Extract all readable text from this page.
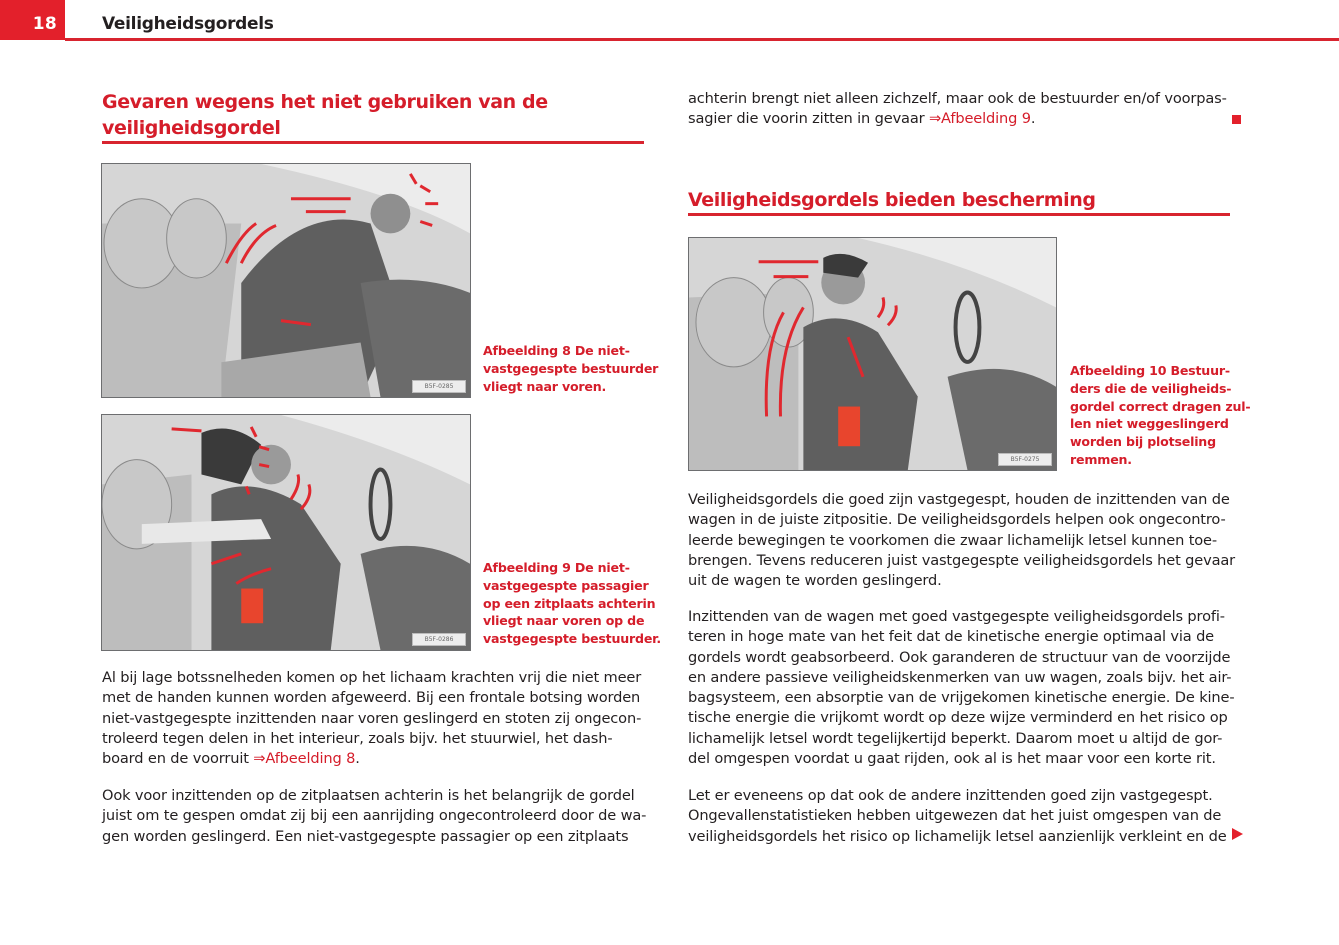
18	Veiligheidsgordels
Gevaren wegens het niet gebruiken van de
veiligheidsgordel
B5F-0285
Afbeelding 8 De niet-
vastgegespte bestuurder
vliegt naar voren.
B5F-0286
Afbeelding 9 De niet-
vastgegespte passagier
op een zitplaats achterin
vliegt naar voren op de
vastgegespte bestuurder.
Al bij lage botssnelheden komen op het lichaam krachten vrij die niet meer
met de handen kunnen worden afgeweerd. Bij een frontale botsing worden
niet-vastgegespte inzittenden naar voren geslingerd en stoten zij ongecon-
troleerd tegen delen in het interieur, zoals bijv. het stuurwiel, het dash-
board en de voorruit ⇒Afbeelding 8.
Ook voor inzittenden op de zitplaatsen achterin is het belangrijk de gordel
juist om te gespen omdat zij bij een aanrijding ongecontroleerd door de wa-
gen worden geslingerd. Een niet-vastgegespte passagier op een zitplaats
achterin brengt niet alleen zichzelf, maar ook de bestuurder en/of voorpas-
sagier die voorin zitten in gevaar ⇒Afbeelding 9.
Veiligheidsgordels bieden bescherming
B5F-0275
Afbeelding 10 Bestuur-
ders die de veiligheids-
gordel correct dragen zul-
len niet weggeslingerd
worden bij plotseling
remmen.
Veiligheidsgordels die goed zijn vastgegespt, houden de inzittenden van de
wagen in de juiste zitpositie. De veiligheidsgordels helpen ook ongecontro-
leerde bewegingen te voorkomen die zwaar lichamelijk letsel kunnen toe-
brengen. Tevens reduceren juist vastgegespte veiligheidsgordels het gevaar
uit de wagen te worden geslingerd.
Inzittenden van de wagen met goed vastgegespte veiligheidsgordels profi-
teren in hoge mate van het feit dat de kinetische energie optimaal via de
gordels wordt geabsorbeerd. Ook garanderen de structuur van de voorzijde
en andere passieve veiligheidskenmerken van uw wagen, zoals bijv. het air-
bagsysteem, een absorptie van de vrijgekomen kinetische energie. De kine-
tische energie die vrijkomt wordt op deze wijze verminderd en het risico op
lichamelijk letsel wordt tegelijkertijd beperkt. Daarom moet u altijd de gor-
del omgespen voordat u gaat rijden, ook al is het maar voor een korte rit.
Let er eveneens op dat ook de andere inzittenden goed zijn vastgegespt.
Ongevallenstatistieken hebben uitgewezen dat het juist omgespen van de
veiligheidsgordels het risico op lichamelijk letsel aanzienlijk verkleint en de
